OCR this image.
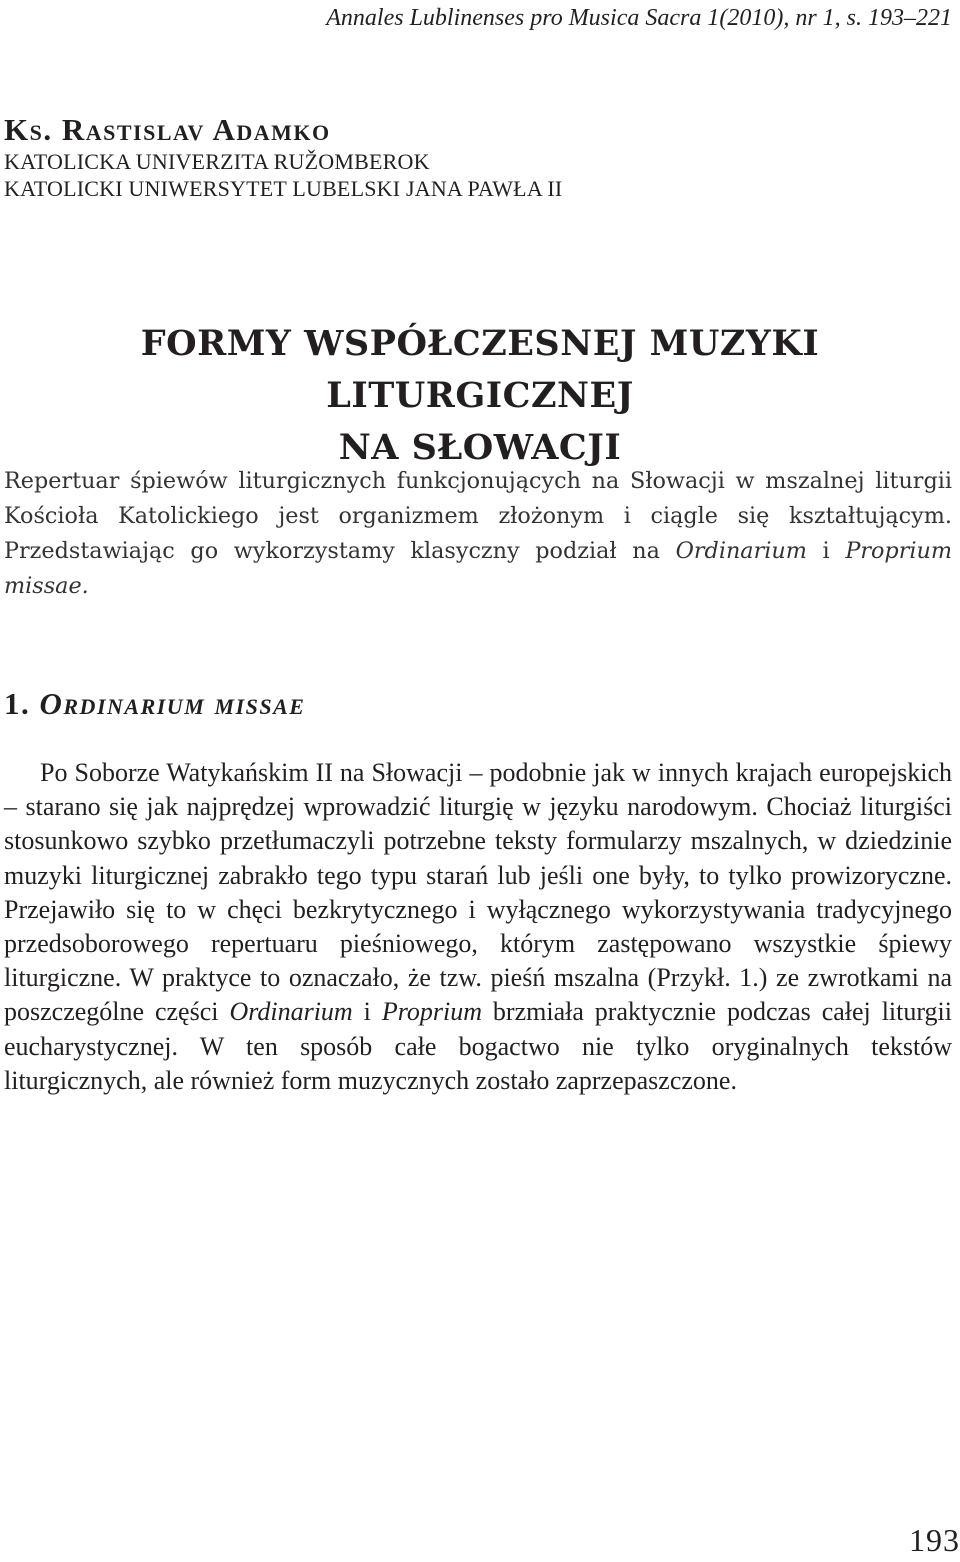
Annales Lublinenses pro Musica Sacra 1(2010), nr 1, s. 193–221
Ks. Rastislav Adamko
KATOLICKA UNIVERZITA RUŽOMBEROK
KATOLICKI UNIWERSYTET LUBELSKI JANA PAWŁA II
FORMY WSPÓŁCZESNEJ MUZYKI LITURGICZNEJ
NA SŁOWACJI
Repertuar śpiewów liturgicznych funkcjonujących na Słowacji w mszalnej liturgii Kościoła Katolickiego jest organizmem złożonym i ciągle się kształtującym. Przedstawiając go wykorzystamy klasyczny podział na Ordinarium i Proprium missae.
1. Ordinarium missae

Po Soborze Watykańskim II na Słowacji – podobnie jak w innych krajach europejskich – starano się jak najprędzej wprowadzić liturgię w języku narodowym. Chociaż liturgiści stosunkowo szybko przetłumaczyli potrzebne teksty formularzy mszalnych, w dziedzinie muzyki liturgicznej zabrakło tego typu starań lub jeśli one były, to tylko prowizoryczne. Przejawiło się to w chęci bezkrytycznego i wyłącznego wykorzystywania tradycyjnego przedsoborowego repertuaru pieśniowego, którym zastępowano wszystkie śpiewy liturgiczne. W praktyce to oznaczało, że tzw. pieśń mszalna (Przykł. 1.) ze zwrotkami na poszczególne części Ordinarium i Proprium brzmiała praktycznie podczas całej liturgii eucharystycznej. W ten sposób całe bogactwo nie tylko oryginalnych tekstów liturgicznych, ale również form muzycznych zostało zaprzepaszczone.

193
